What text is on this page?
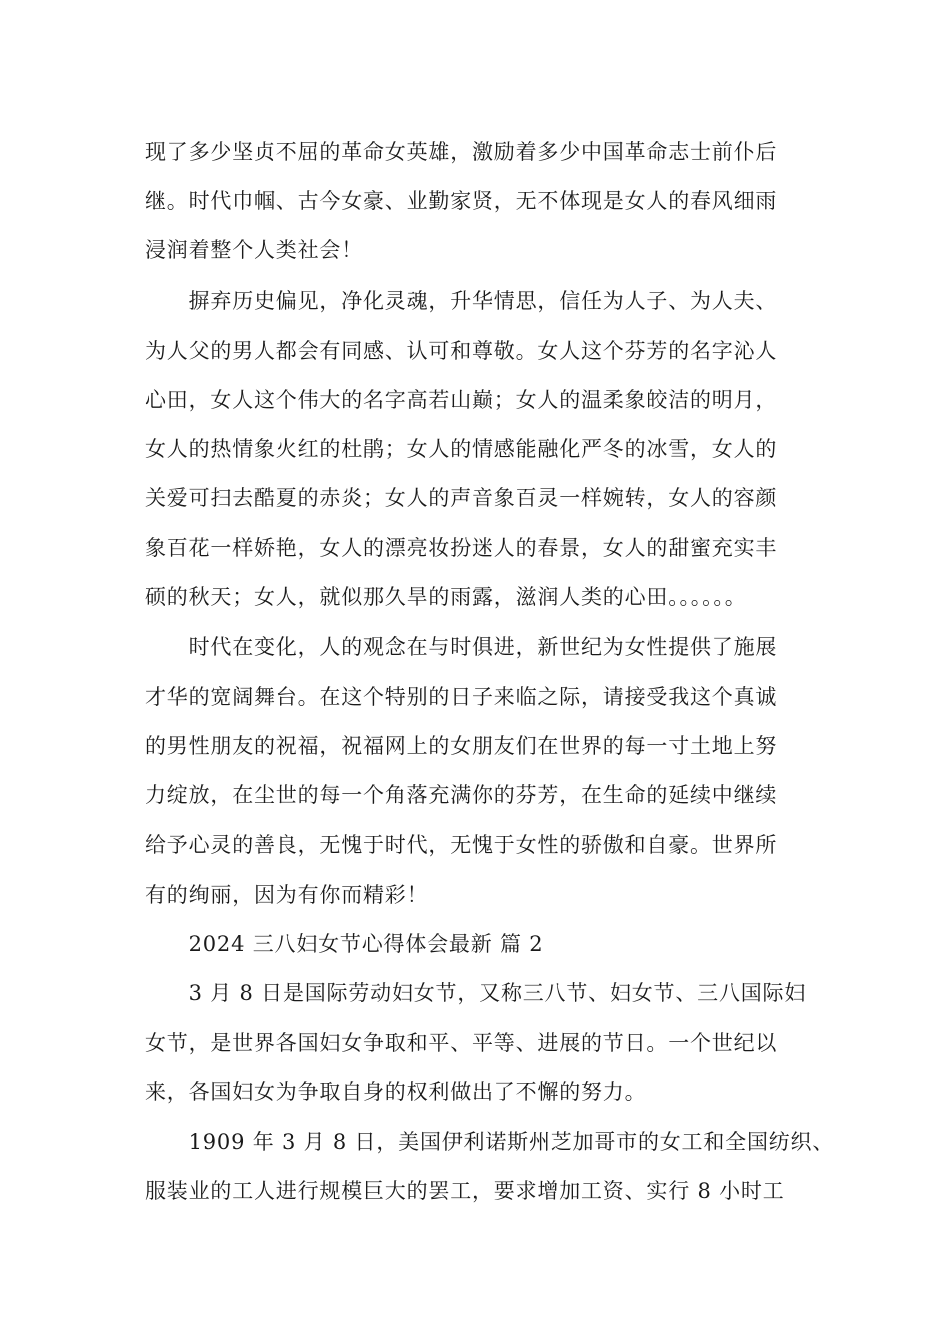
现了多少坚贞不屈的革命女英雄，激励着多少中国革命志士前仆后
继。时代巾帼、古今女豪、业勤家贤，无不体现是女人的春风细雨
浸润着整个人类社会！
　　摒弃历史偏见，净化灵魂，升华情思，信任为人子、为人夫、
为人父的男人都会有同感、认可和尊敬。女人这个芬芳的名字沁人
心田，女人这个伟大的名字高若山巅；女人的温柔象皎洁的明月，
女人的热情象火红的杜鹃；女人的情感能融化严冬的冰雪，女人的
关爱可扫去酷夏的赤炎；女人的声音象百灵一样婉转，女人的容颜
象百花一样娇艳，女人的漂亮妆扮迷人的春景，女人的甜蜜充实丰
硕的秋天；女人，就似那久旱的雨露，滋润人类的心田。。。。。。
　　时代在变化，人的观念在与时俱进，新世纪为女性提供了施展
才华的宽阔舞台。在这个特别的日子来临之际，请接受我这个真诚
的男性朋友的祝福，祝福网上的女朋友们在世界的每一寸土地上努
力绽放，在尘世的每一个角落充满你的芬芳，在生命的延续中继续
给予心灵的善良，无愧于时代，无愧于女性的骄傲和自豪。世界所
有的绚丽，因为有你而精彩！
　　2024 三八妇女节心得体会最新 篇 2
　　3 月 8 日是国际劳动妇女节，又称三八节、妇女节、三八国际妇
女节，是世界各国妇女争取和平、平等、进展的节日。一个世纪以
来，各国妇女为争取自身的权利做出了不懈的努力。
　　1909 年 3 月 8 日，美国伊利诺斯州芝加哥市的女工和全国纺织、
服装业的工人进行规模巨大的罢工，要求增加工资、实行 8 小时工
